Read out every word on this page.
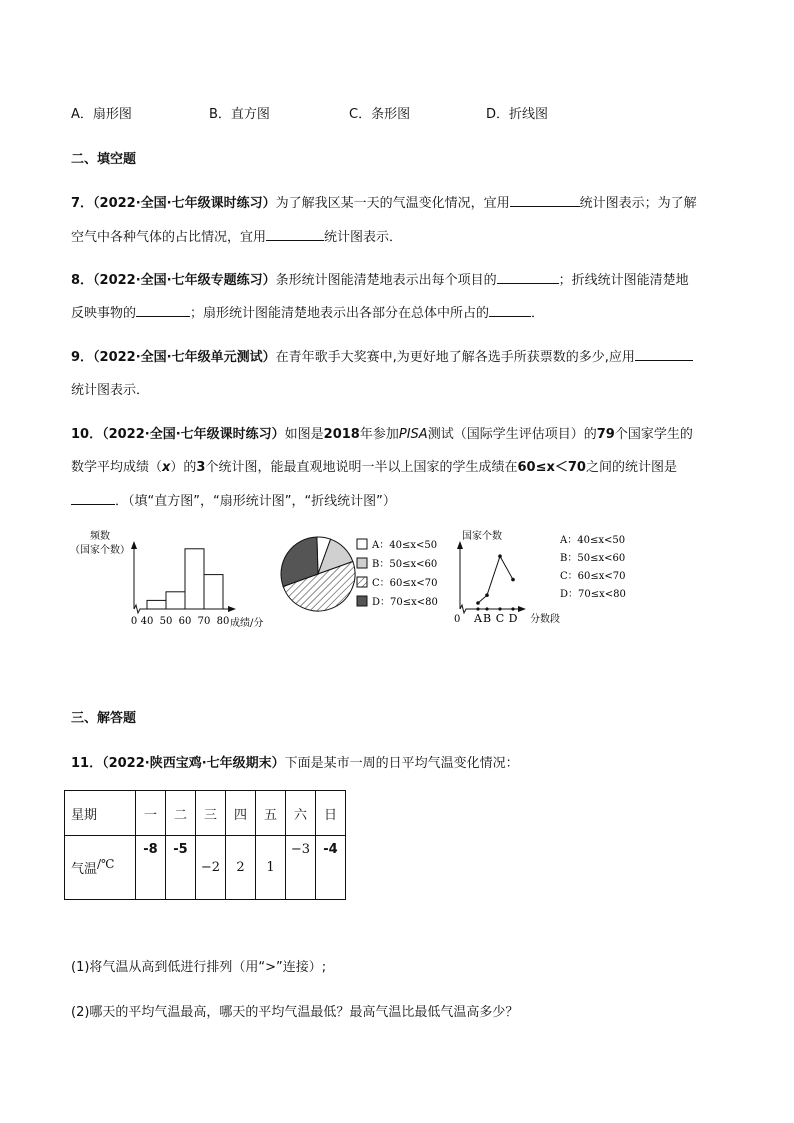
A．扇形图	B．直方图	C．条形图	D．折线图
二、填空题
7．（2022·全国·七年级课时练习）为了解我区某一天的气温变化情况，宜用	统计图表示；为了解
空气中各种气体的占比情况，宜用	统计图表示．
8．（2022·全国·七年级专题练习）条形统计图能清楚地表示出每个项目的	；折线统计图能清楚地
反映事物的	；扇形统计图能清楚地表示出各部分在总体中所占的	．
9．（2022·全国·七年级单元测试）在青年歌手大奖赛中,为更好地了解各选手所获票数的多少,应用
统计图表示．
10．（2022·全国·七年级课时练习）如图是2018年参加PISA测试（国际学生评估项目）的79个国家学生的
数学平均成绩（x）的3个统计图，能最直观地说明一半以上国家的学生成绩在60≤x＜70之间的统计图是
．（填“直方图”，“扇形统计图”，“折线统计图”）
频数
（国家个数）
0 40 50 60 70 80 成绩/分
A：40≤x<50
B：50≤x<60
C：60≤x<70
D：70≤x<80
国家个数
0 A B C D 分数段
A：40≤x<50
B：50≤x<60
C：60≤x<70
D：70≤x<80
三、解答题
11．（2022·陕西宝鸡·七年级期末）下面是某市一周的日平均气温变化情况：
星期	一	二	三	四	五	六	日
气温/℃	-8	-5	−2	2	1	−3	-4
(1)将气温从高到低进行排列（用“>”连接）;
(2)哪天的平均气温最高，哪天的平均气温最低？最高气温比最低气温高多少？
